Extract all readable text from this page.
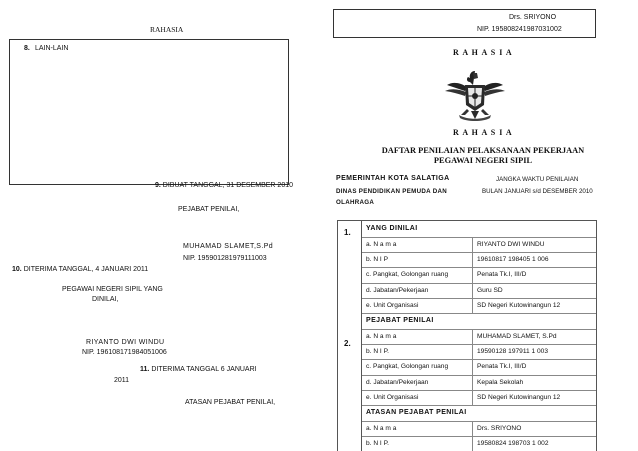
RAHASIA
8. LAIN-LAIN
9. DIBUAT TANGGAL, 31 DESEMBER 2010
PEJABAT PENILAI,
MUHAMAD SLAMET,S.Pd
NIP. 195901281979111003
10. DITERIMA TANGGAL, 4 JANUARI 2011
PEGAWAI NEGERI SIPIL YANG
DINILAI,
RIYANTO DWI WINDU
NIP. 196108171984051006
11. DITERIMA TANGGAL 6 JANUARI
2011
ATASAN PEJABAT PENILAI,
Drs. SRIYONO
NIP. 195808241987031002
R A H A S I A
R A H A S I A
DAFTAR PENILAIAN PELAKSANAAN PEKERJAAN
PEGAWAI NEGERI SIPIL
PEMERINTAH KOTA SALATIGA
DINAS PENDIDIKAN PEMUDA DAN
OLAHRAGA
JANGKA WAKTU PENILAIAN
BULAN JANUARI s/d DESEMBER 2010
1.
2.
YANG DINILAI
a. N a m a	RIYANTO DWI WINDU
b. N I P	19610817 198405 1 006
c. Pangkat, Golongan ruang	Penata Tk.I, III/D
d. Jabatan/Pekerjaan	Guru SD
e. Unit Organisasi	SD Negeri Kutowinangun 12
PEJABAT PENILAI
a. N a m a	MUHAMAD SLAMET, S.Pd
b. N I P.	19590128 197911 1 003
c. Pangkat, Golongan ruang	Penata Tk.I, III/D
d. Jabatan/Pekerjaan	Kepala Sekolah
e. Unit Organisasi	SD Negeri Kutowinangun 12
ATASAN PEJABAT PENILAI
a. N a m a	Drs. SRIYONO
b. N I P.	19580824 198703 1 002
